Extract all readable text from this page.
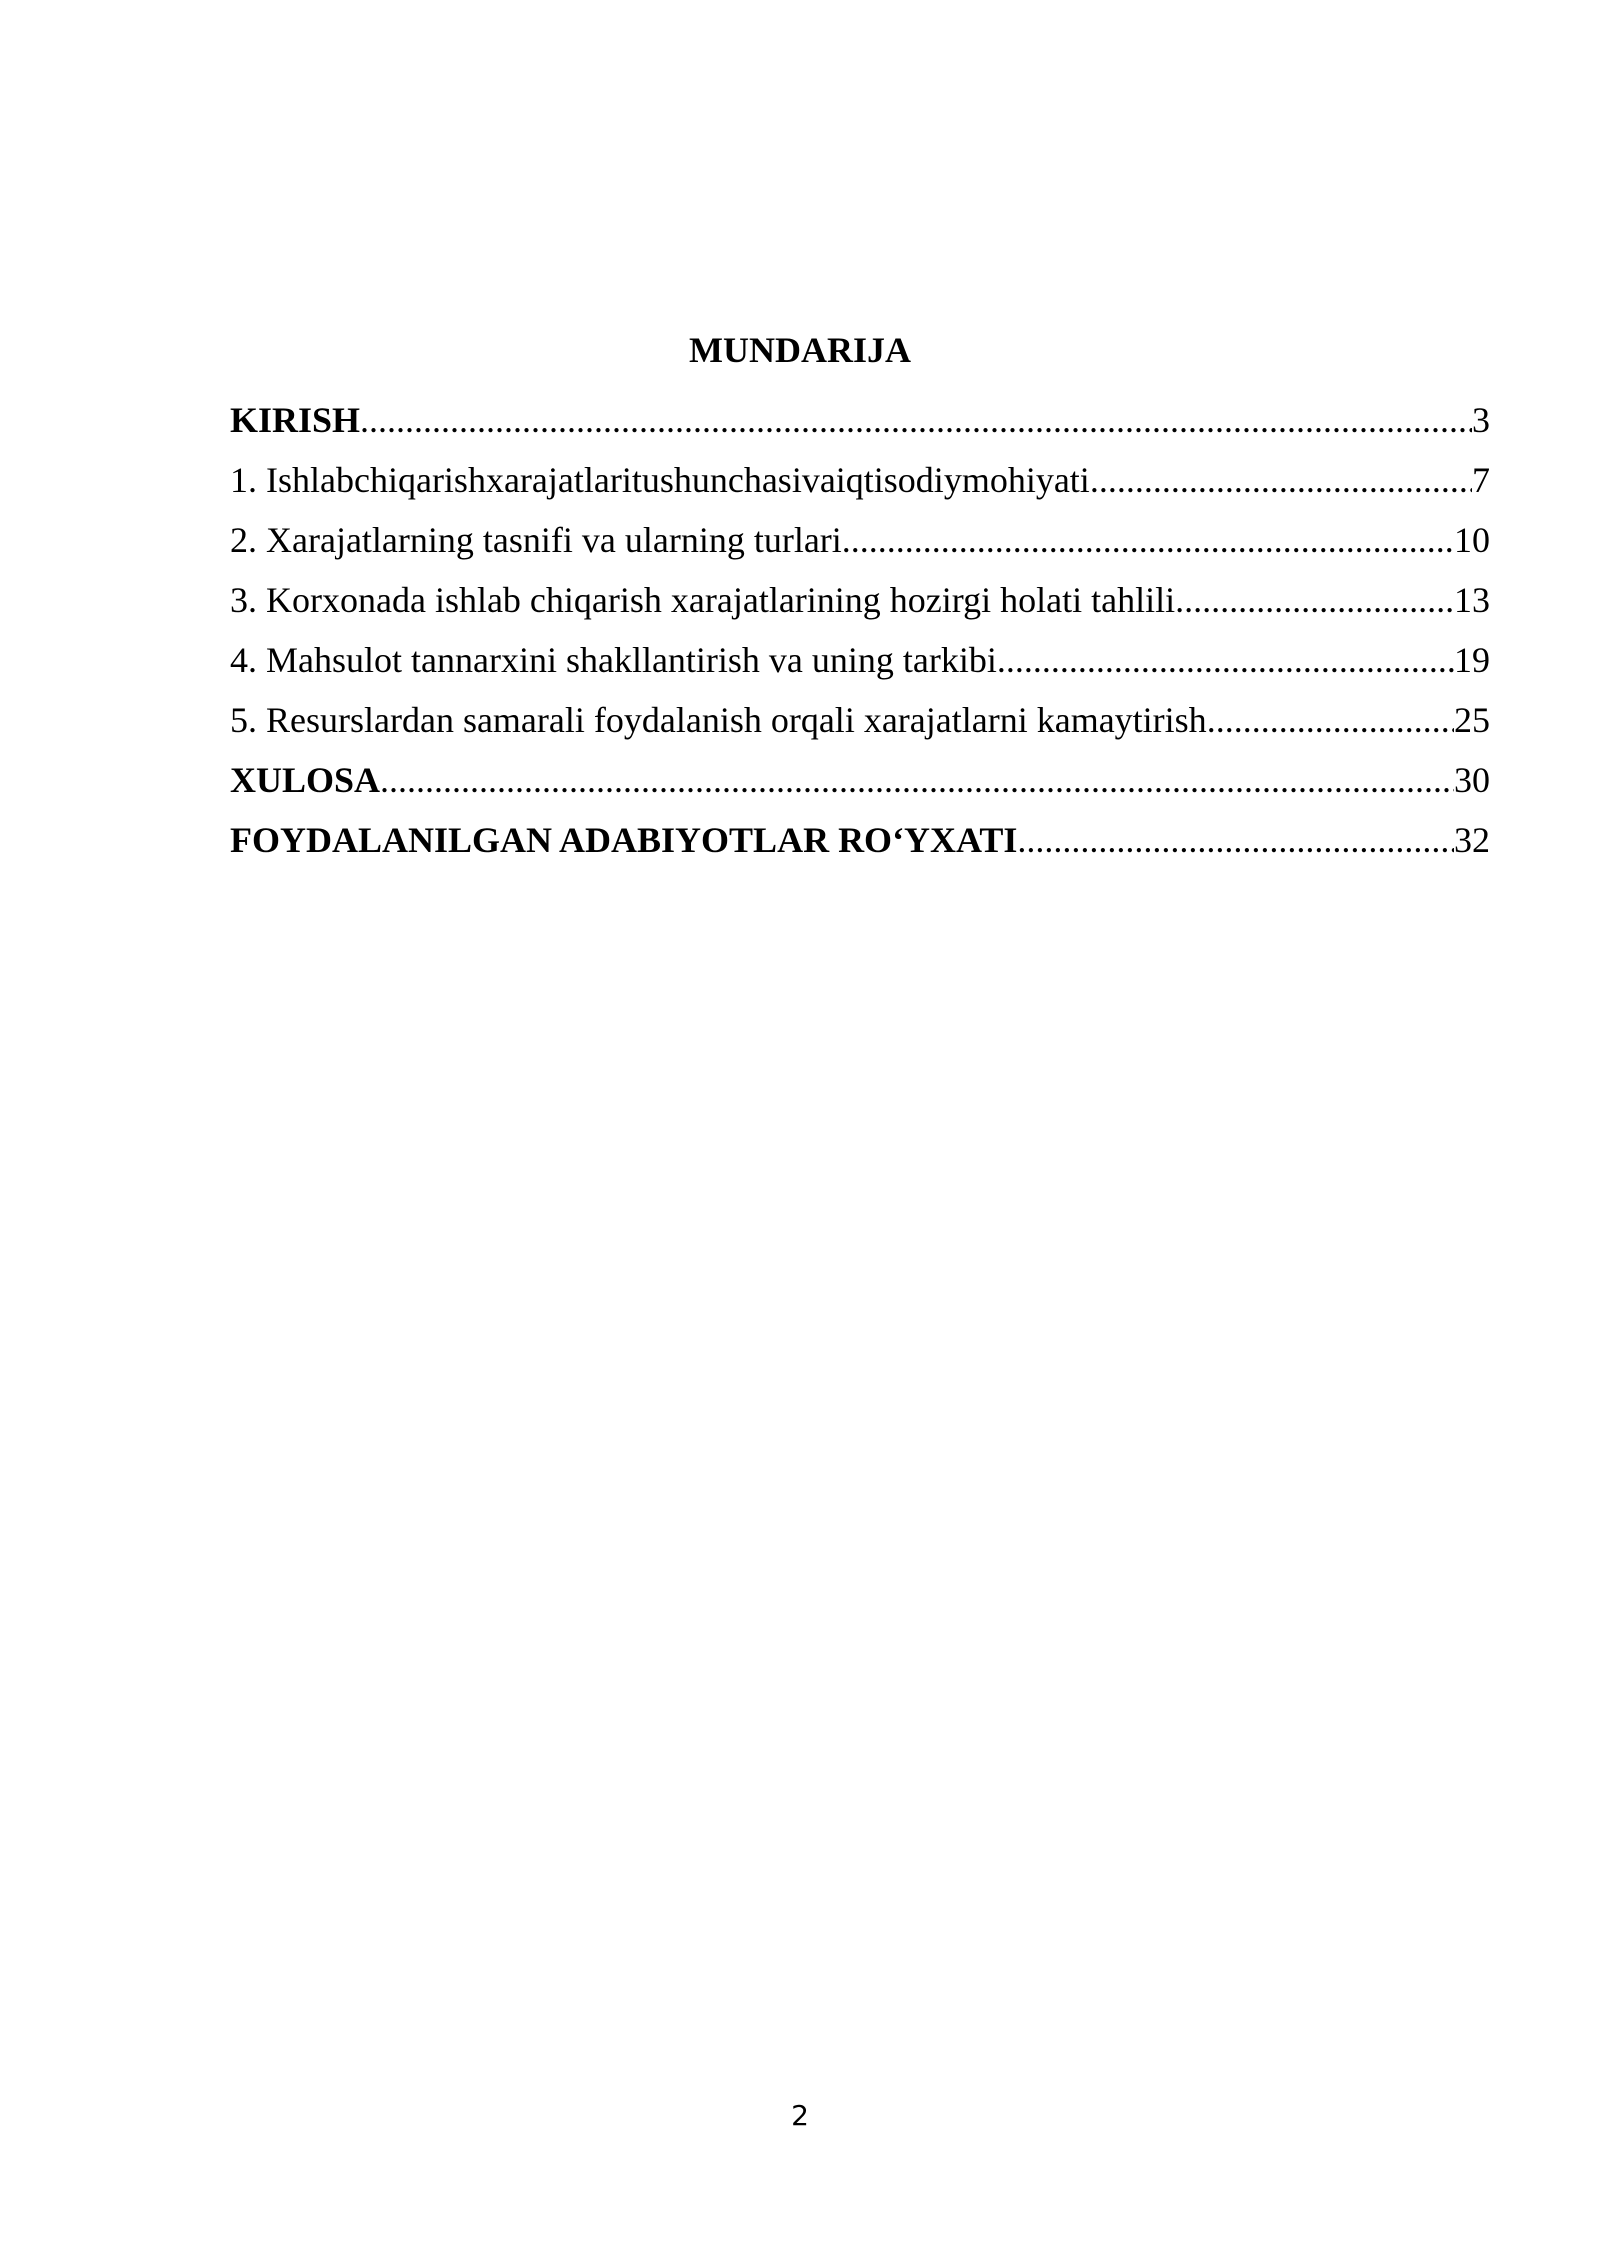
MUNDARIJA
KIRISH .....	3
1. Ishlabchiqarishxarajatlaritushunchasivaiqtisodiymohiyati .....	7
2. Xarajatlarning tasnifi va ularning turlari .....	10
3. Korxonada ishlab chiqarish xarajatlarining hozirgi holati tahlili .....	13
4. Mahsulot tannarxini shakllantirish va uning tarkibi .....	19
5. Resurslardan samarali foydalanish orqali xarajatlarni kamaytirish .....	25
XULOSA .....	30
FOYDALANILGAN ADABIYOTLAR RO‘YXATI .....	32
2
